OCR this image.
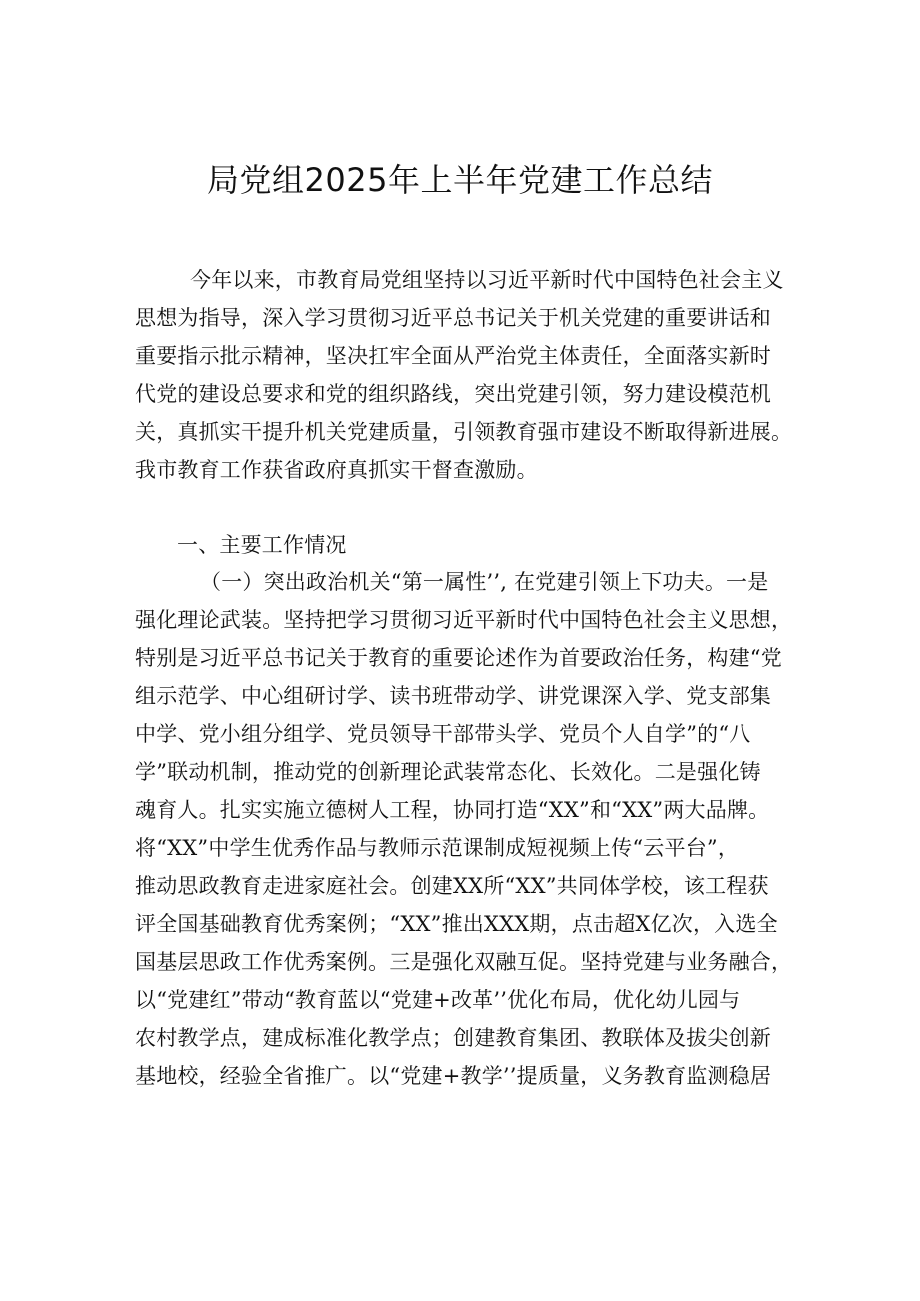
局党组2025年上半年党建工作总结
今年以来，市教育局党组坚持以习近平新时代中国特色社会主义
思想为指导，深入学习贯彻习近平总书记关于机关党建的重要讲话和
重要指示批示精神，坚决扛牢全面从严治党主体责任，全面落实新时
代党的建设总要求和党的组织路线，突出党建引领，努力建设模范机
关，真抓实干提升机关党建质量，引领教育强市建设不断取得新进展。
我市教育工作获省政府真抓实干督查激励。
一、主要工作情况
（一）突出政治机关“第一属性’’, 在党建引领上下功夫。一是
强化理论武装。坚持把学习贯彻习近平新时代中国特色社会主义思想，
特别是习近平总书记关于教育的重要论述作为首要政治任务，构建“党
组示范学、中心组研讨学、读书班带动学、讲党课深入学、党支部集
中学、党小组分组学、党员领导干部带头学、党员个人自学”的“八
学”联动机制，推动党的创新理论武装常态化、长效化。二是强化铸
魂育人。扎实实施立德树人工程，协同打造“XX”和“XX”两大品牌。
将“XX”中学生优秀作品与教师示范课制成短视频上传“云平台”，
推动思政教育走进家庭社会。创建XX所“XX”共同体学校，该工程获
评全国基础教育优秀案例；“XX”推出XXX期，点击超X亿次，入选全
国基层思政工作优秀案例。三是强化双融互促。坚持党建与业务融合，
以“党建红”带动“教育蓝以“党建+改革’’优化布局，优化幼儿园与
农村教学点，建成标准化教学点；创建教育集团、教联体及拔尖创新
基地校，经验全省推广。以“党建+教学’’提质量，义务教育监测稳居
